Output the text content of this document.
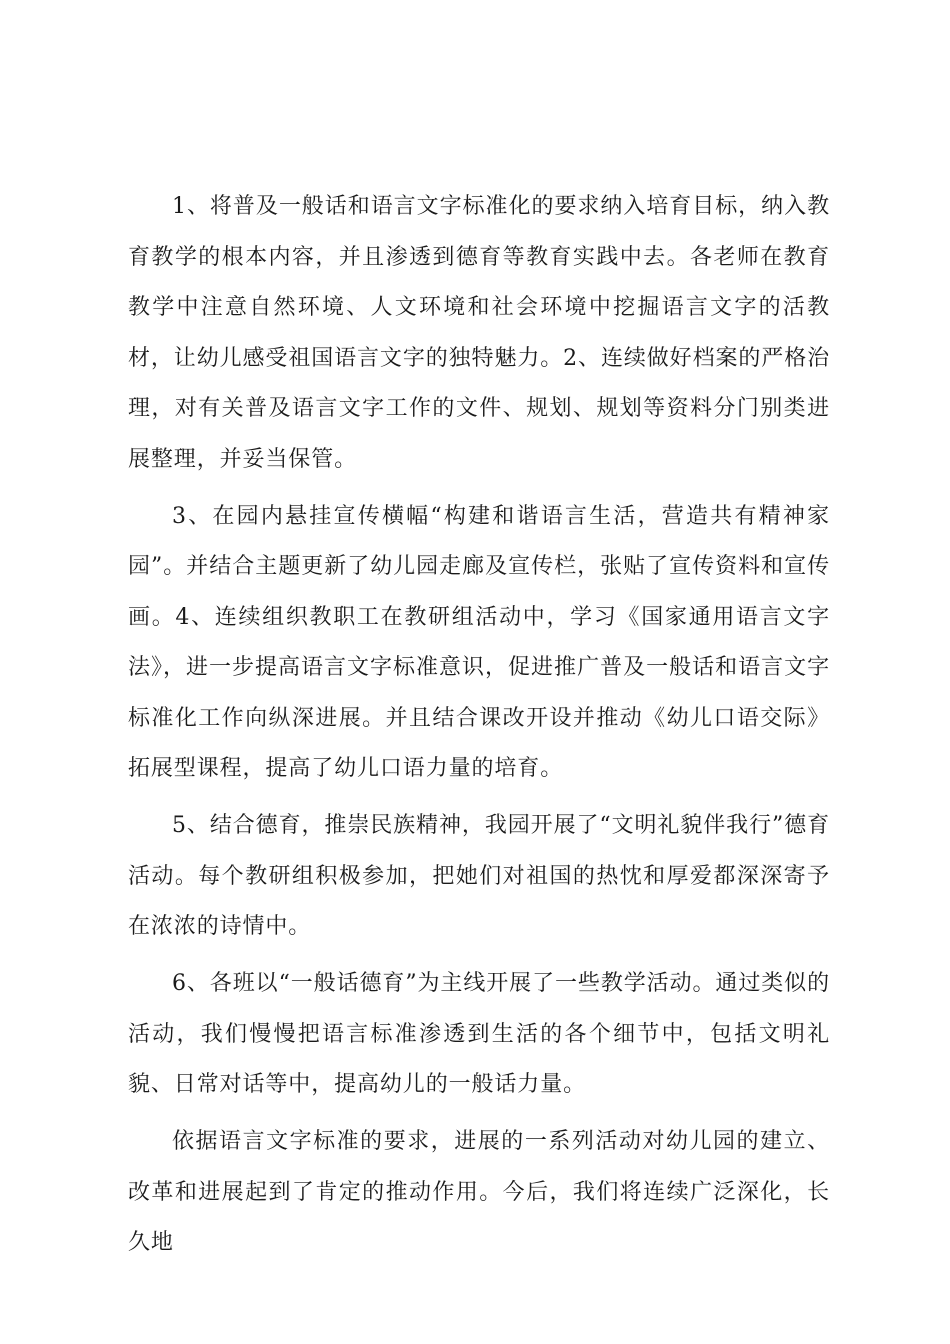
1、将普及一般话和语言文字标准化的要求纳入培育目标，纳入教育教学的根本内容，并且渗透到德育等教育实践中去。各老师在教育教学中注意自然环境、人文环境和社会环境中挖掘语言文字的活教材，让幼儿感受祖国语言文字的独特魅力。2、连续做好档案的严格治理，对有关普及语言文字工作的文件、规划、规划等资料分门别类进展整理，并妥当保管。

3、在园内悬挂宣传横幅“构建和谐语言生活，营造共有精神家园”。并结合主题更新了幼儿园走廊及宣传栏，张贴了宣传资料和宣传画。4、连续组织教职工在教研组活动中，学习《国家通用语言文字法》，进一步提高语言文字标准意识，促进推广普及一般话和语言文字标准化工作向纵深进展。并且结合课改开设并推动《幼儿口语交际》拓展型课程，提高了幼儿口语力量的培育。

5、结合德育，推崇民族精神，我园开展了“文明礼貌伴我行”德育活动。每个教研组积极参加，把她们对祖国的热忱和厚爱都深深寄予在浓浓的诗情中。

6、各班以“一般话德育”为主线开展了一些教学活动。通过类似的活动，我们慢慢把语言标准渗透到生活的各个细节中，包括文明礼貌、日常对话等中，提高幼儿的一般话力量。

依据语言文字标准的要求，进展的一系列活动对幼儿园的建立、改革和进展起到了肯定的推动作用。今后，我们将连续广泛深化，长久地
